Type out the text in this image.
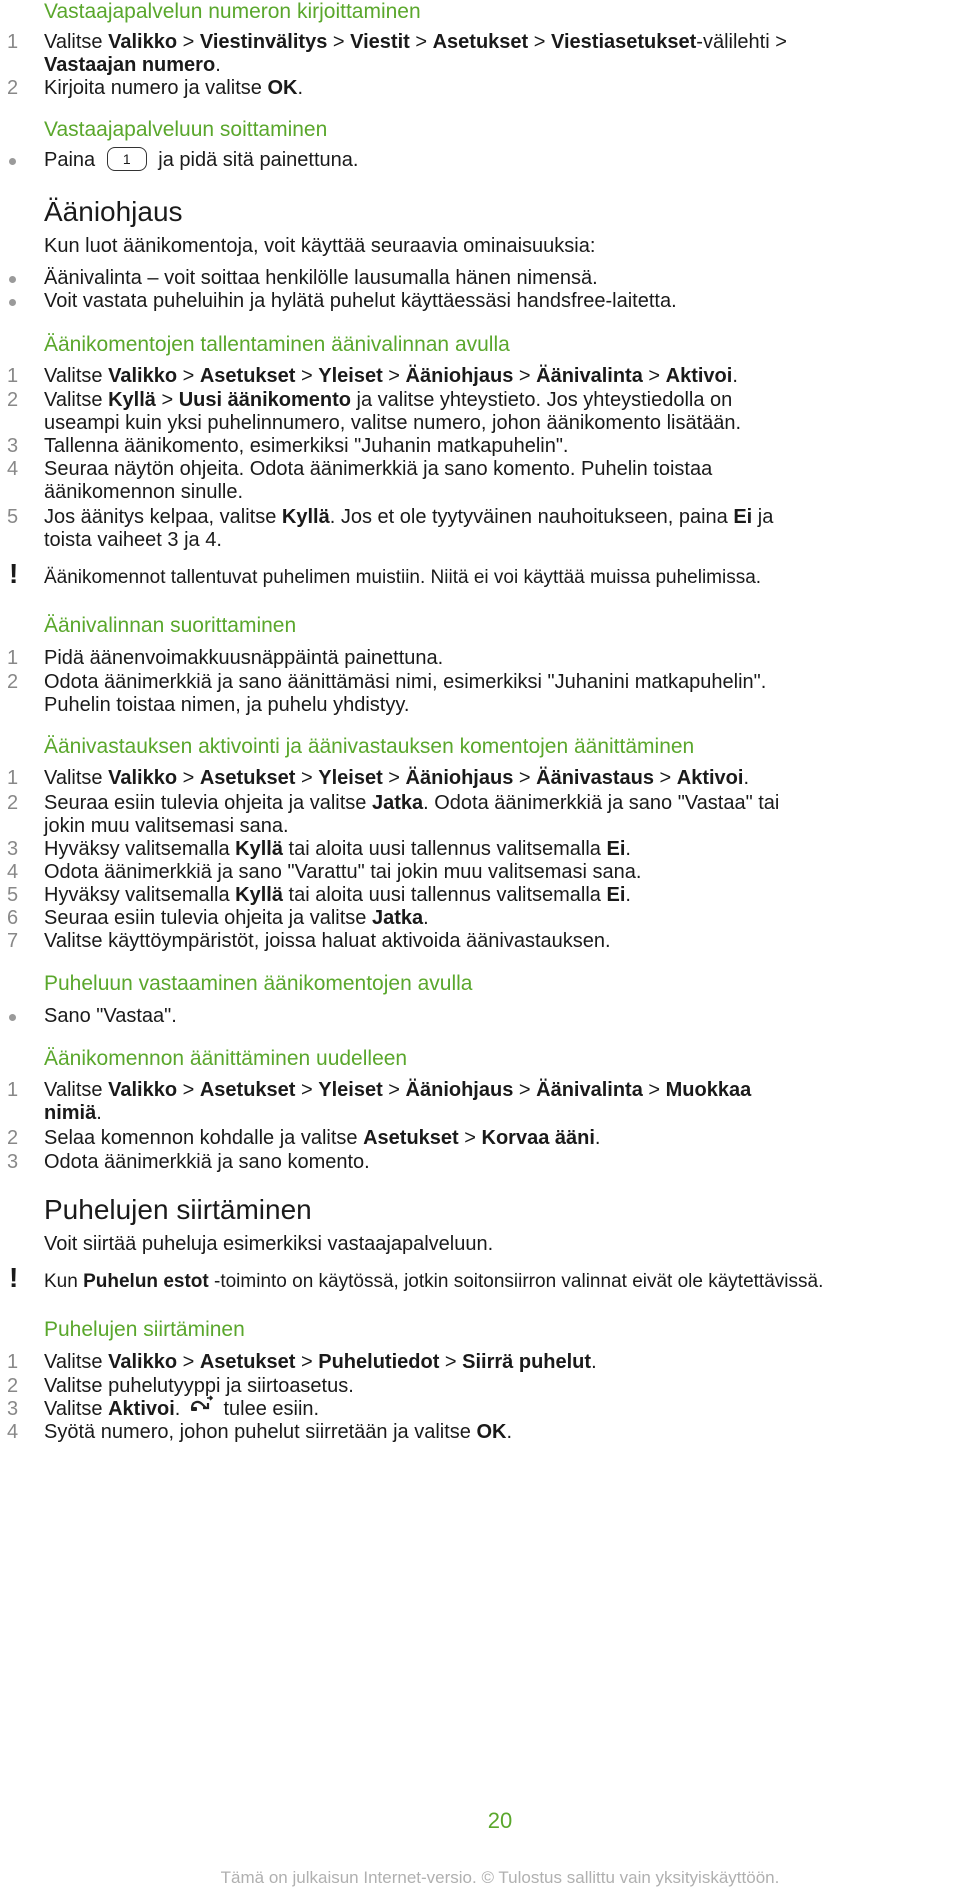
Vastaajapalvelun numeron kirjoittaminen
1 Valitse Valikko > Viestinvälitys > Viestit > Asetukset > Viestiasetukset-välilehti >
Vastaajan numero.
2 Kirjoita numero ja valitse OK.
Vastaajapalveluun soittaminen
Paina 1 ja pidä sitä painettuna.
Ääniohjaus
Kun luot äänikomentoja, voit käyttää seuraavia ominaisuuksia:
Äänivalinta – voit soittaa henkilölle lausumalla hänen nimensä.
Voit vastata puheluihin ja hylätä puhelut käyttäessäsi handsfree-laitetta.
Äänikomentojen tallentaminen äänivalinnan avulla
1 Valitse Valikko > Asetukset > Yleiset > Ääniohjaus > Äänivalinta > Aktivoi.
2 Valitse Kyllä > Uusi äänikomento ja valitse yhteystieto. Jos yhteystiedolla on
useampi kuin yksi puhelinnumero, valitse numero, johon äänikomento lisätään.
3 Tallenna äänikomento, esimerkiksi "Juhanin matkapuhelin".
4 Seuraa näytön ohjeita. Odota äänimerkkiä ja sano komento. Puhelin toistaa
äänikomennon sinulle.
5 Jos äänitys kelpaa, valitse Kyllä. Jos et ole tyytyväinen nauhoitukseen, paina Ei ja
toista vaiheet 3 ja 4.
! Äänikomennot tallentuvat puhelimen muistiin. Niitä ei voi käyttää muissa puhelimissa.
Äänivalinnan suorittaminen
1 Pidä äänenvoimakkuusnäppäintä painettuna.
2 Odota äänimerkkiä ja sano äänittämäsi nimi, esimerkiksi "Juhanini matkapuhelin".
Puhelin toistaa nimen, ja puhelu yhdistyy.
Äänivastauksen aktivointi ja äänivastauksen komentojen äänittäminen
1 Valitse Valikko > Asetukset > Yleiset > Ääniohjaus > Äänivastaus > Aktivoi.
2 Seuraa esiin tulevia ohjeita ja valitse Jatka. Odota äänimerkkiä ja sano "Vastaa" tai
jokin muu valitsemasi sana.
3 Hyväksy valitsemalla Kyllä tai aloita uusi tallennus valitsemalla Ei.
4 Odota äänimerkkiä ja sano "Varattu" tai jokin muu valitsemasi sana.
5 Hyväksy valitsemalla Kyllä tai aloita uusi tallennus valitsemalla Ei.
6 Seuraa esiin tulevia ohjeita ja valitse Jatka.
7 Valitse käyttöympäristöt, joissa haluat aktivoida äänivastauksen.
Puheluun vastaaminen äänikomentojen avulla
Sano "Vastaa".
Äänikomennon äänittäminen uudelleen
1 Valitse Valikko > Asetukset > Yleiset > Ääniohjaus > Äänivalinta > Muokkaa
nimiä.
2 Selaa komennon kohdalle ja valitse Asetukset > Korvaa ääni.
3 Odota äänimerkkiä ja sano komento.
Puhelujen siirtäminen
Voit siirtää puheluja esimerkiksi vastaajapalveluun.
! Kun Puhelun estot -toiminto on käytössä, jotkin soitonsiirron valinnat eivät ole käytettävissä.
Puhelujen siirtäminen
1 Valitse Valikko > Asetukset > Puhelutiedot > Siirrä puhelut.
2 Valitse puhelutyyppi ja siirtoasetus.
3 Valitse Aktivoi.  tulee esiin.
4 Syötä numero, johon puhelut siirretään ja valitse OK.
20
Tämä on julkaisun Internet-versio. © Tulostus sallittu vain yksityiskäyttöön.
